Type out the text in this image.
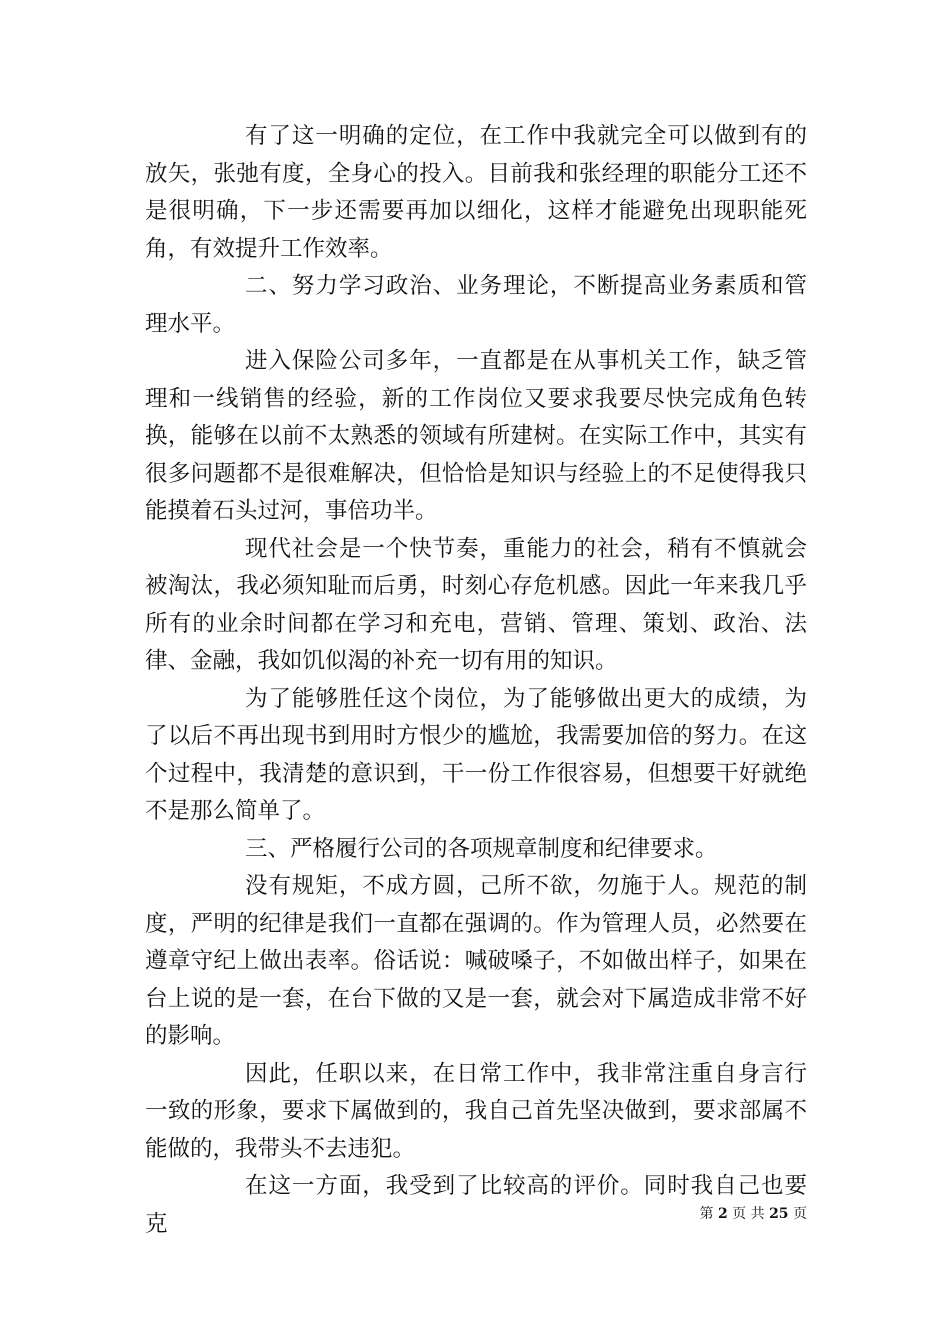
有了这一明确的定位，在工作中我就完全可以做到有的放矢，张弛有度，全身心的投入。目前我和张经理的职能分工还不是很明确，下一步还需要再加以细化，这样才能避免出现职能死角，有效提升工作效率。

二、努力学习政治、业务理论，不断提高业务素质和管理水平。

进入保险公司多年，一直都是在从事机关工作，缺乏管理和一线销售的经验，新的工作岗位又要求我要尽快完成角色转换，能够在以前不太熟悉的领域有所建树。在实际工作中，其实有很多问题都不是很难解决，但恰恰是知识与经验上的不足使得我只能摸着石头过河，事倍功半。

现代社会是一个快节奏，重能力的社会，稍有不慎就会被淘汰，我必须知耻而后勇，时刻心存危机感。因此一年来我几乎所有的业余时间都在学习和充电，营销、管理、策划、政治、法律、金融，我如饥似渴的补充一切有用的知识。

为了能够胜任这个岗位，为了能够做出更大的成绩，为了以后不再出现书到用时方恨少的尴尬，我需要加倍的努力。在这个过程中，我清楚的意识到，干一份工作很容易，但想要干好就绝不是那么简单了。

三、严格履行公司的各项规章制度和纪律要求。

没有规矩，不成方圆，己所不欲，勿施于人。规范的制度，严明的纪律是我们一直都在强调的。作为管理人员，必然要在遵章守纪上做出表率。俗话说：喊破嗓子，不如做出样子，如果在台上说的是一套，在台下做的又是一套，就会对下属造成非常不好的影响。

因此，任职以来，在日常工作中，我非常注重自身言行一致的形象，要求下属做到的，我自己首先坚决做到，要求部属不能做的，我带头不去违犯。

在这一方面，我受到了比较高的评价。同时我自己也要克	第 2 页 共 25 页
